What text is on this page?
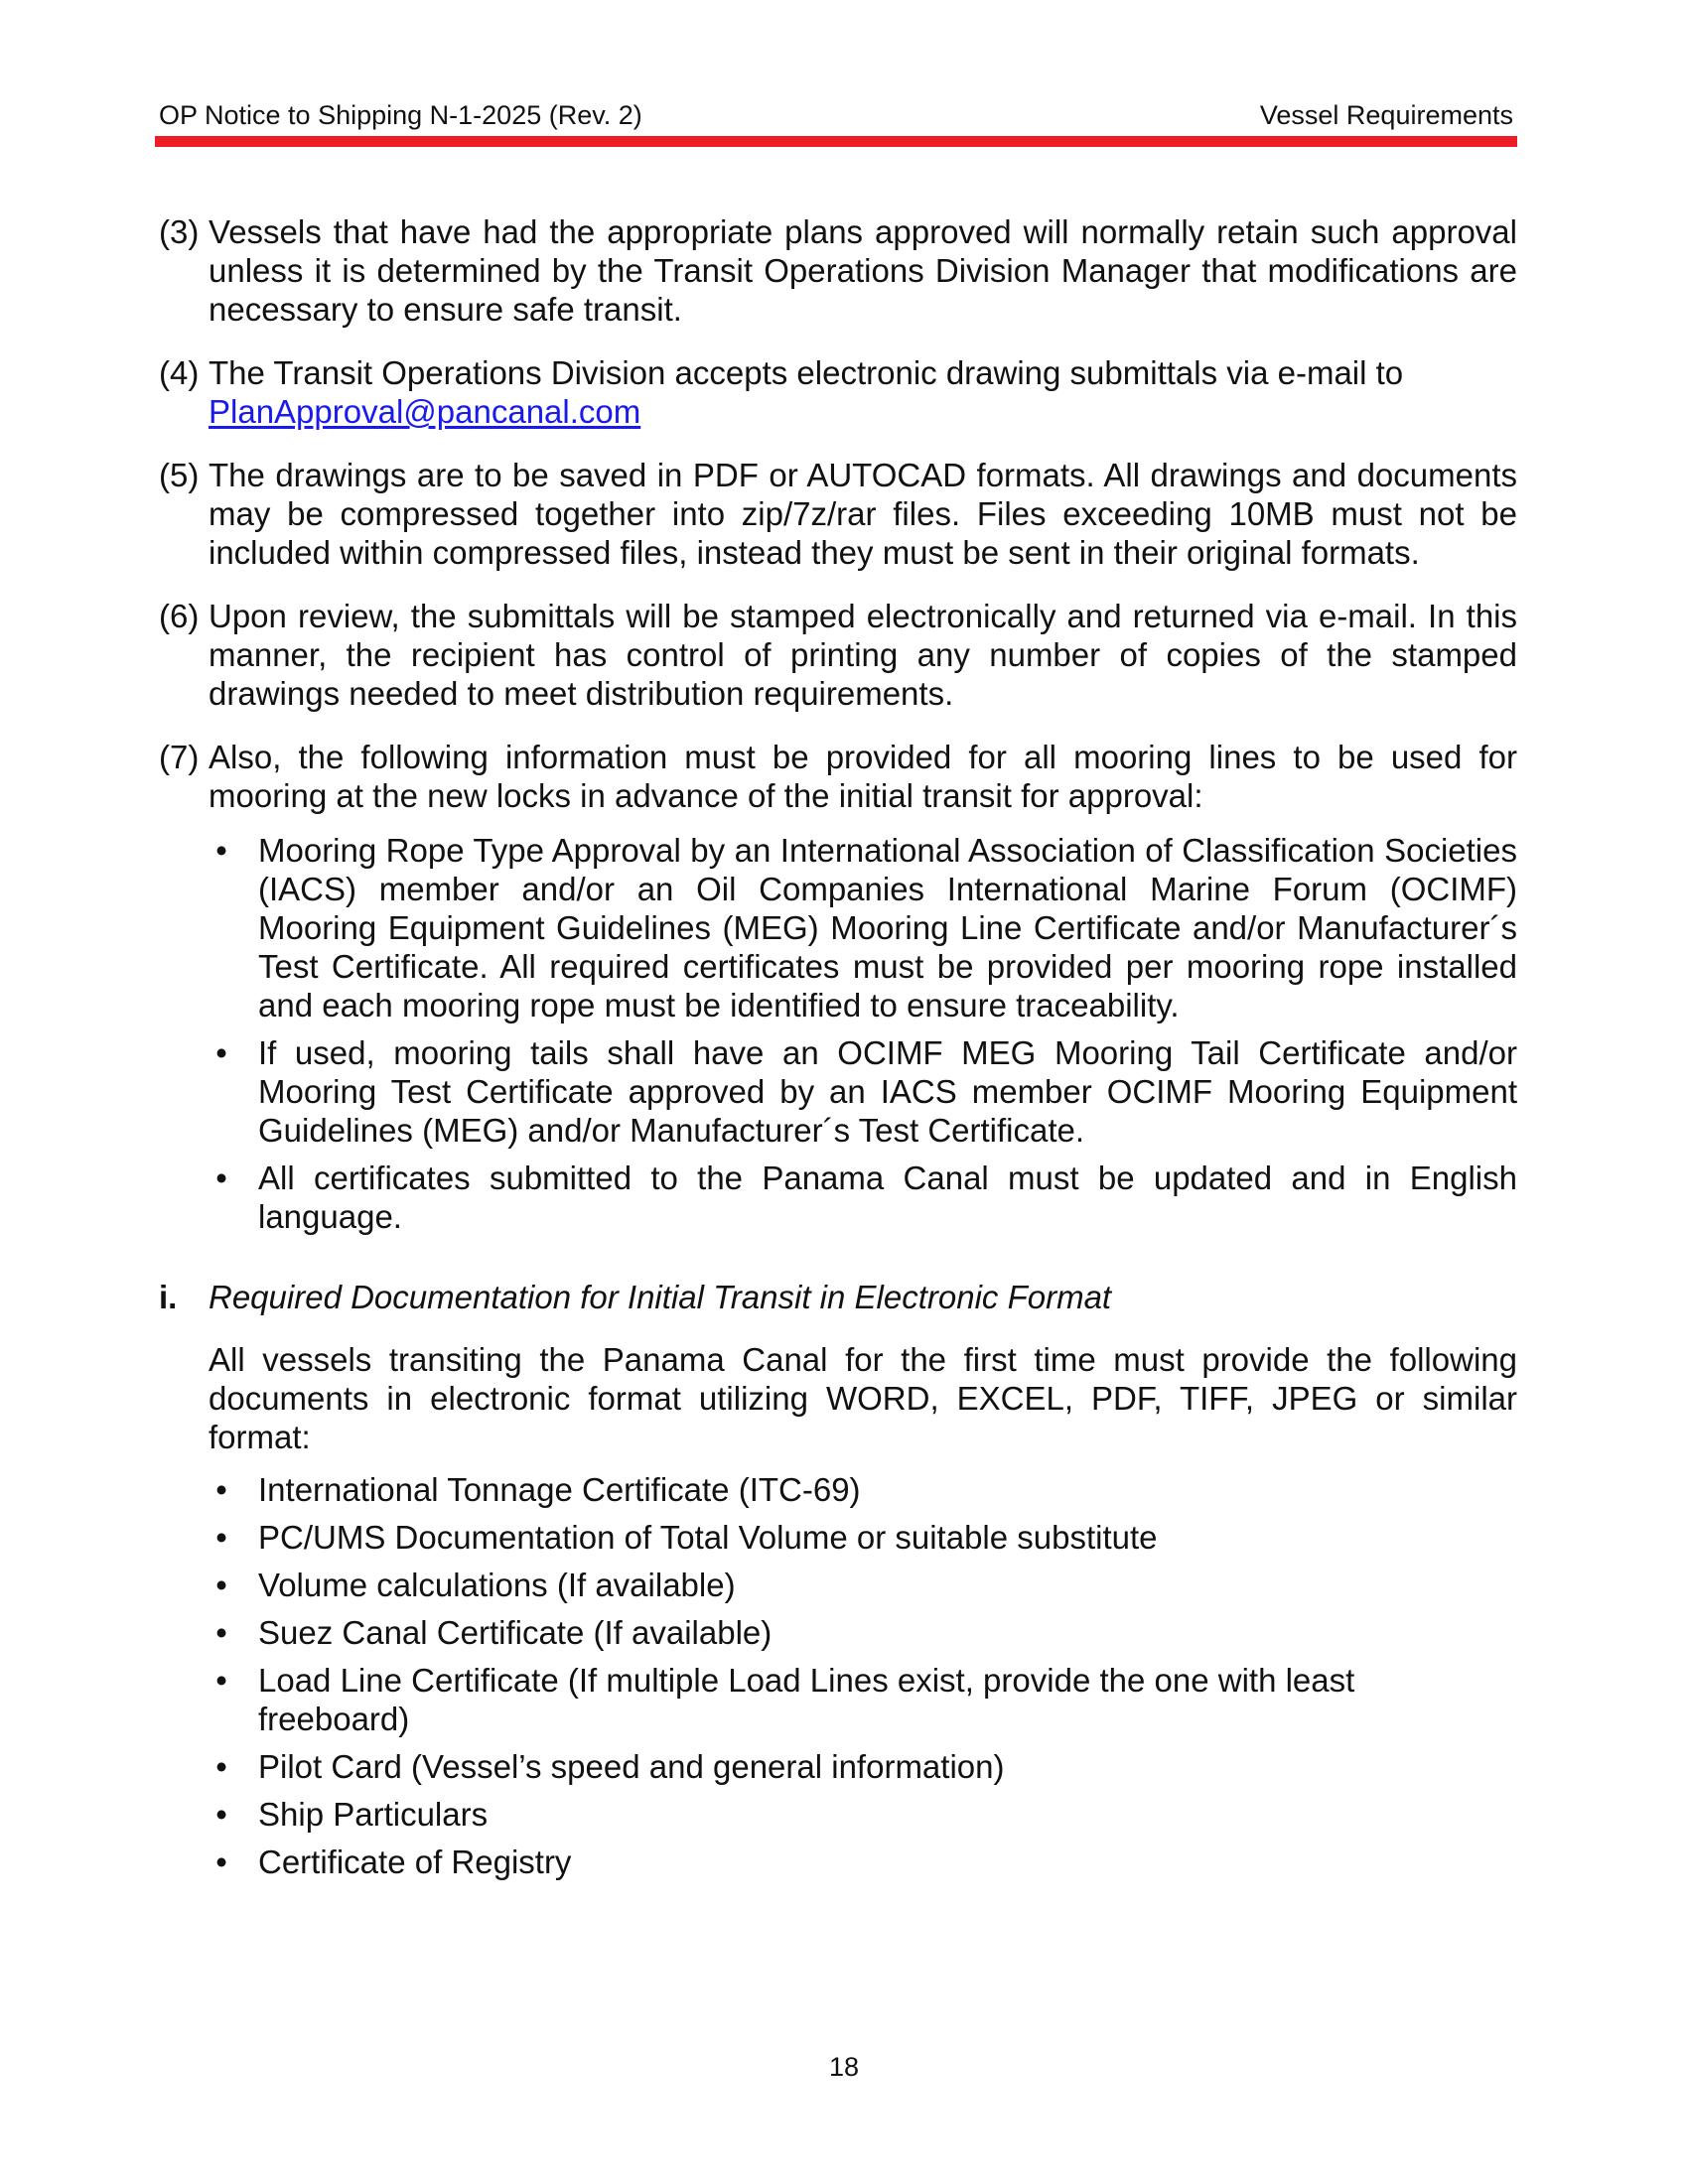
OP Notice to Shipping N-1-2025 (Rev. 2)	Vessel Requirements
(3) Vessels that have had the appropriate plans approved will normally retain such approval unless it is determined by the Transit Operations Division Manager that modifications are necessary to ensure safe transit.
(4) The Transit Operations Division accepts electronic drawing submittals via e-mail to
PlanApproval@pancanal.com
(5) The drawings are to be saved in PDF or AUTOCAD formats. All drawings and documents may be compressed together into zip/7z/rar files. Files exceeding 10MB must not be included within compressed files, instead they must be sent in their original formats.
(6) Upon review, the submittals will be stamped electronically and returned via e-mail. In this manner, the recipient has control of printing any number of copies of the stamped drawings needed to meet distribution requirements.
(7) Also, the following information must be provided for all mooring lines to be used for mooring at the new locks in advance of the initial transit for approval:
• Mooring Rope Type Approval by an International Association of Classification Societies (IACS) member and/or an Oil Companies International Marine Forum (OCIMF) Mooring Equipment Guidelines (MEG) Mooring Line Certificate and/or Manufacturer´s Test Certificate. All required certificates must be provided per mooring rope installed and each mooring rope must be identified to ensure traceability.
• If used, mooring tails shall have an OCIMF MEG Mooring Tail Certificate and/or Mooring Test Certificate approved by an IACS member OCIMF Mooring Equipment Guidelines (MEG) and/or Manufacturer´s Test Certificate.
• All certificates submitted to the Panama Canal must be updated and in English language.
i. Required Documentation for Initial Transit in Electronic Format
All vessels transiting the Panama Canal for the first time must provide the following documents in electronic format utilizing WORD, EXCEL, PDF, TIFF, JPEG or similar format:
• International Tonnage Certificate (ITC-69)
• PC/UMS Documentation of Total Volume or suitable substitute
• Volume calculations (If available)
• Suez Canal Certificate (If available)
• Load Line Certificate (If multiple Load Lines exist, provide the one with least freeboard)
• Pilot Card (Vessel’s speed and general information)
• Ship Particulars
• Certificate of Registry
18
